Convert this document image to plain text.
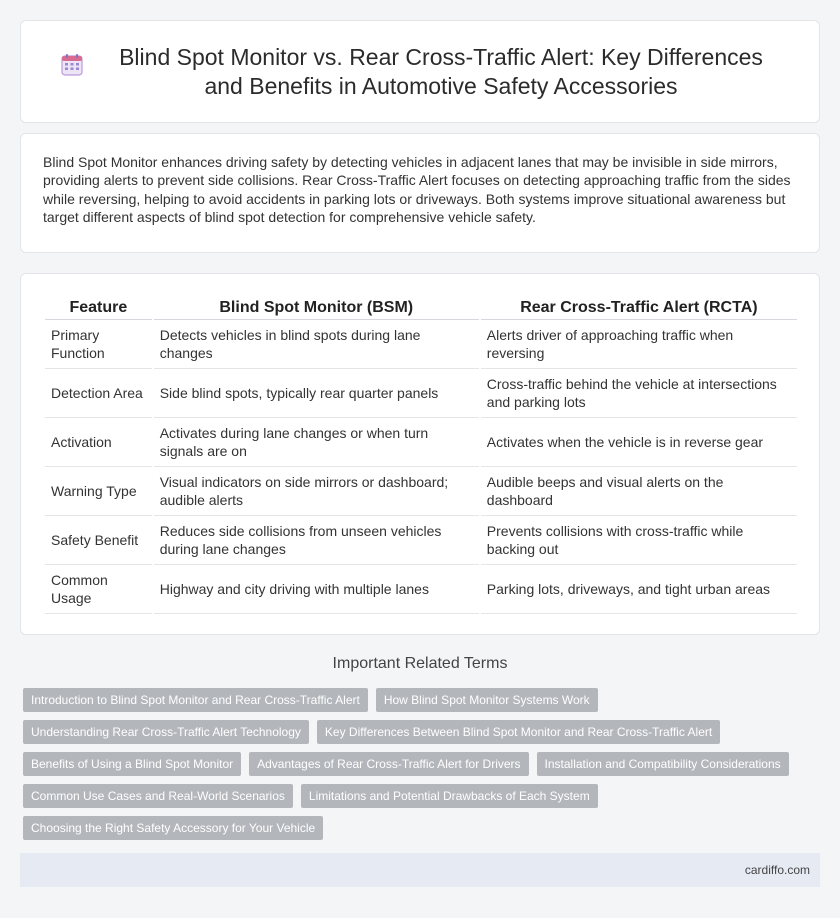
Blind Spot Monitor vs. Rear Cross-Traffic Alert: Key Differences and Benefits in Automotive Safety Accessories

Blind Spot Monitor enhances driving safety by detecting vehicles in adjacent lanes that may be invisible in side mirrors, providing alerts to prevent side collisions. Rear Cross-Traffic Alert focuses on detecting approaching traffic from the sides while reversing, helping to avoid accidents in parking lots or driveways. Both systems improve situational awareness but target different aspects of blind spot detection for comprehensive vehicle safety.

Feature	Blind Spot Monitor (BSM)	Rear Cross-Traffic Alert (RCTA)
Primary Function	Detects vehicles in blind spots during lane changes	Alerts driver of approaching traffic when reversing
Detection Area	Side blind spots, typically rear quarter panels	Cross-traffic behind the vehicle at intersections and parking lots
Activation	Activates during lane changes or when turn signals are on	Activates when the vehicle is in reverse gear
Warning Type	Visual indicators on side mirrors or dashboard; audible alerts	Audible beeps and visual alerts on the dashboard
Safety Benefit	Reduces side collisions from unseen vehicles during lane changes	Prevents collisions with cross-traffic while backing out
Common Usage	Highway and city driving with multiple lanes	Parking lots, driveways, and tight urban areas
Important Related Terms
Introduction to Blind Spot Monitor and Rear Cross-Traffic Alert	How Blind Spot Monitor Systems Work
Understanding Rear Cross-Traffic Alert Technology	Key Differences Between Blind Spot Monitor and Rear Cross-Traffic Alert
Benefits of Using a Blind Spot Monitor	Advantages of Rear Cross-Traffic Alert for Drivers	Installation and Compatibility Considerations
Common Use Cases and Real-World Scenarios	Limitations and Potential Drawbacks of Each System
Choosing the Right Safety Accessory for Your Vehicle
cardiffo.com
